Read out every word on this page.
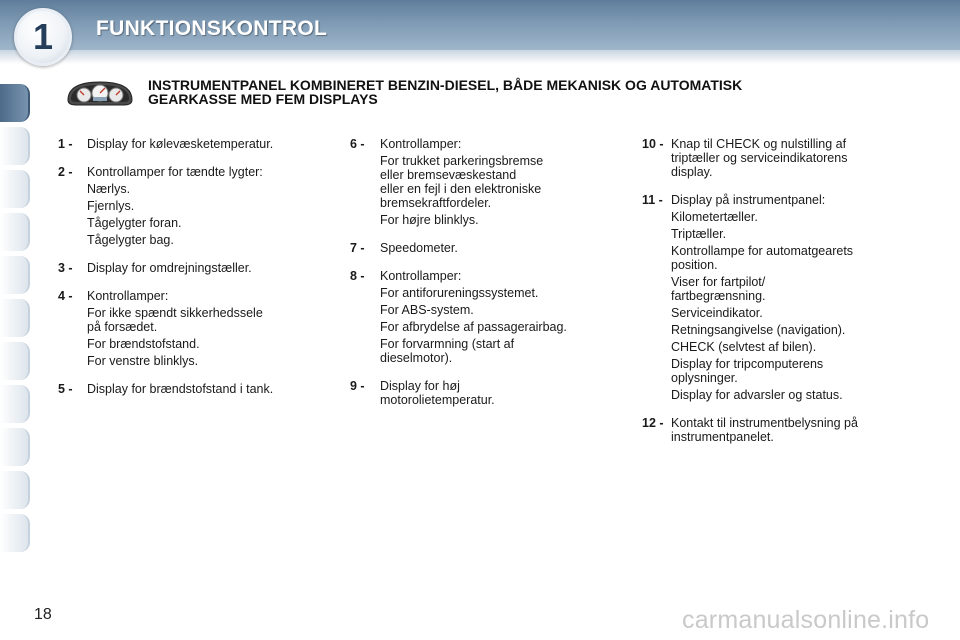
1 FUNKTIONSKONTROL
INSTRUMENTPANEL KOMBINERET BENZIN-DIESEL, BÅDE MEKANISK OG AUTOMATISK
GEARKASSE MED FEM DISPLAYS
1 - Display for kølevæsketemperatur.
2 - Kontrollamper for tændte lygter:
Nærlys.
Fjernlys.
Tågelygter foran.
Tågelygter bag.
3 - Display for omdrejningstæller.
4 - Kontrollamper:
For ikke spændt sikkerhedssele
på forsædet.
For brændstofstand.
For venstre blinklys.
5 - Display for brændstofstand i tank.
6 - Kontrollamper:
For trukket parkeringsbremse
eller bremsevæskestand
eller en fejl i den elektroniske
bremsekraftfordeler.
For højre blinklys.
7 - Speedometer.
8 - Kontrollamper:
For antiforureningssystemet.
For ABS-system.
For afbrydelse af passagerairbag.
For forvarmning (start af
dieselmotor).
9 - Display for høj
motorolietemperatur.
10 - Knap til CHECK og nulstilling af
triptæller og serviceindikatorens
display.
11 - Display på instrumentpanel:
Kilometertæller.
Triptæller.
Kontrollampe for automatgearets
position.
Viser for fartpilot/
fartbegrænsning.
Serviceindikator.
Retningsangivelse (navigation).
CHECK (selvtest af bilen).
Display for tripcomputerens
oplysninger.
Display for advarsler og status.
12 - Kontakt til instrumentbelysning på
instrumentpanelet.
18	carmanualsonline.info
